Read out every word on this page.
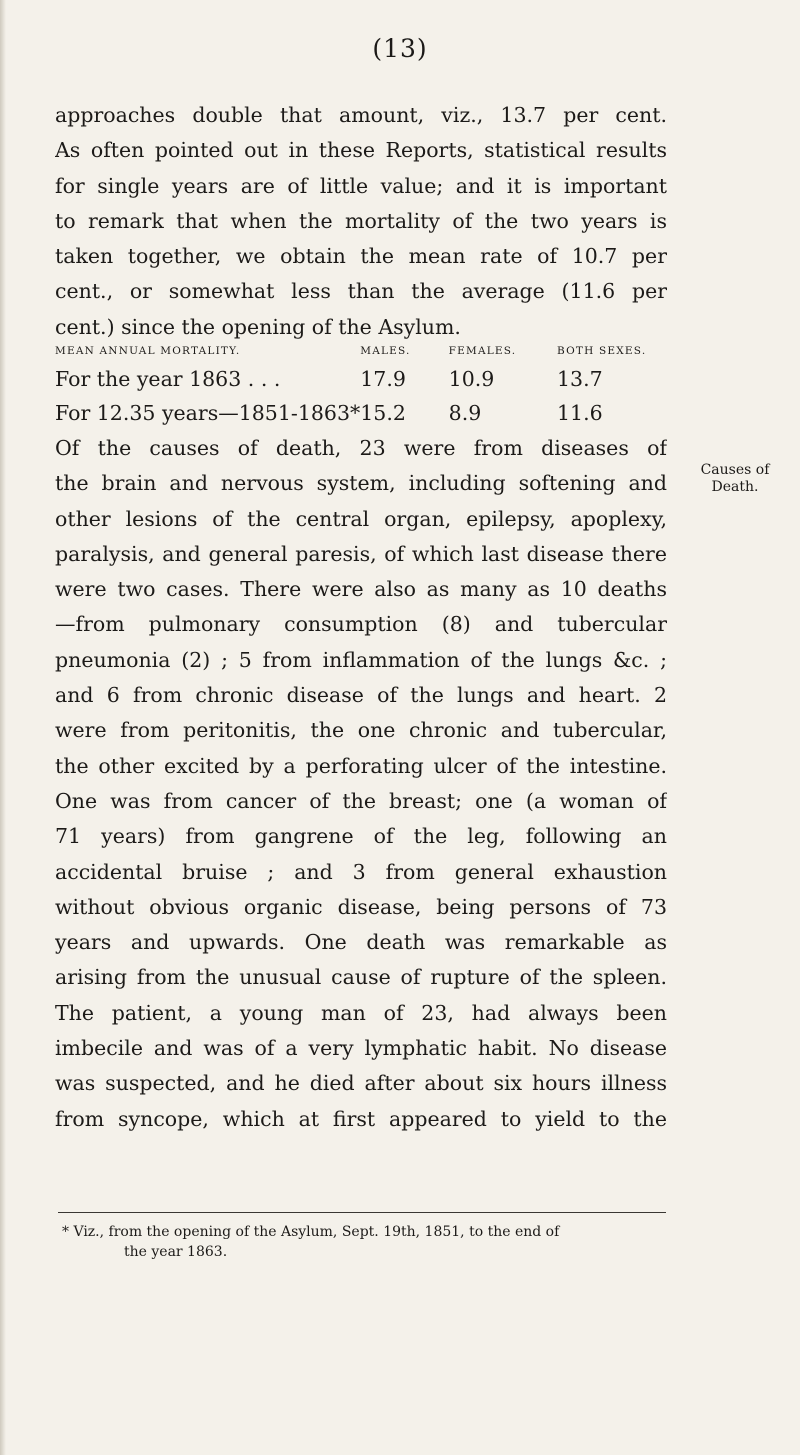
(13)
approaches double that amount, viz., 13.7 per cent.
As often pointed out in these Reports, statistical results
for single years are of little value; and it is important
to remark that when the mortality of the two years is
taken together, we obtain the mean rate of 10.7 per
cent., or somewhat less than the average (11.6 per
cent.) since the opening of the Asylum.
MEAN ANNUAL MORTALITY.	MALES.	FEMALES.	BOTH SEXES.
For the year 1863 . . .	17.9	10.9	13.7
For 12.35 years—1851-1863*	15.2	8.9	11.6
Causes of Death.
Of the causes of death, 23 were from diseases of
the brain and nervous system, including softening and
other lesions of the central organ, epilepsy, apoplexy,
paralysis, and general paresis, of which last disease there
were two cases. There were also as many as 10 deaths
—from pulmonary consumption (8) and tubercular
pneumonia (2) ; 5 from inflammation of the lungs &c. ;
and 6 from chronic disease of the lungs and heart. 2
were from peritonitis, the one chronic and tubercular,
the other excited by a perforating ulcer of the intestine.
One was from cancer of the breast; one (a woman of
71 years) from gangrene of the leg, following an
accidental bruise ; and 3 from general exhaustion
without obvious organic disease, being persons of 73
years and upwards. One death was remarkable as
arising from the unusual cause of rupture of the spleen.
The patient, a young man of 23, had always been
imbecile and was of a very lymphatic habit. No disease
was suspected, and he died after about six hours illness
from syncope, which at first appeared to yield to the
* Viz., from the opening of the Asylum, Sept. 19th, 1851, to the end of
the year 1863.
